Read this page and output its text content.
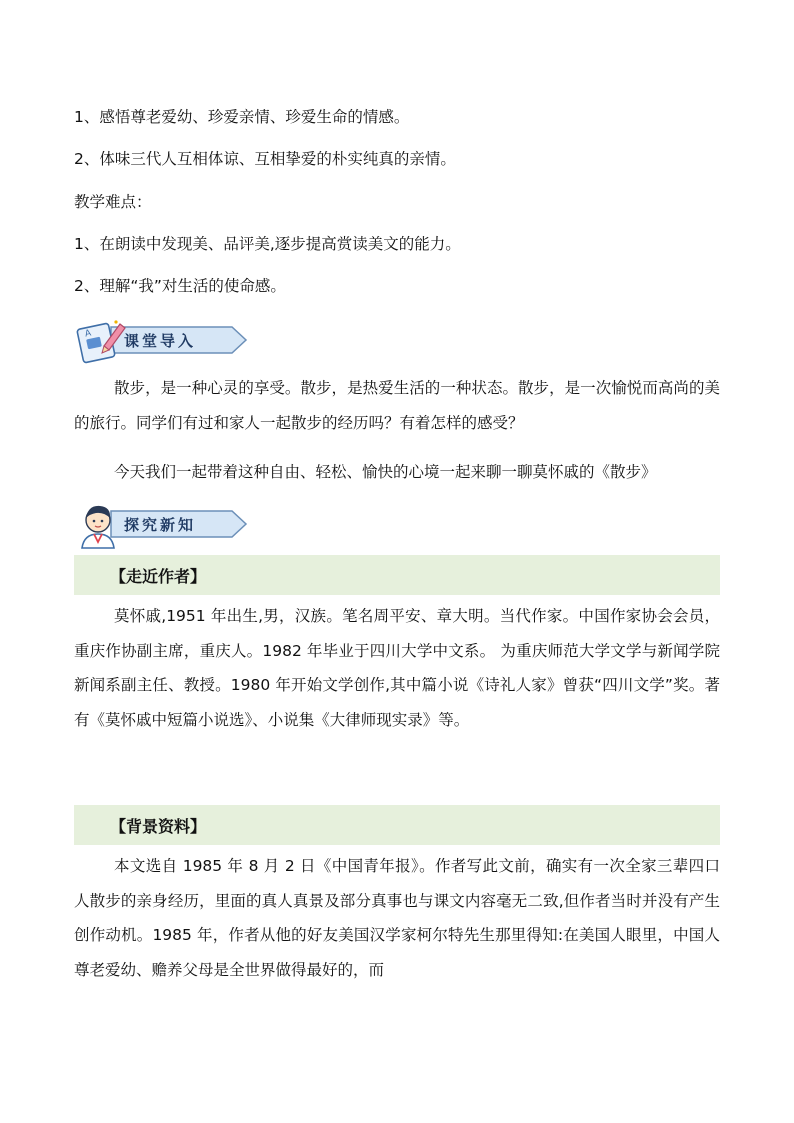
1、感悟尊老爱幼、珍爱亲情、珍爱生命的情感。
2、体味三代人互相体谅、互相挚爱的朴实纯真的亲情。
教学难点：
1、在朗读中发现美、品评美,逐步提高赏读美文的能力。
2、理解“我”对生活的使命感。
课堂导入
A

散步，是一种心灵的享受。散步，是热爱生活的一种状态。散步，是一次愉悦而高尚的美的旅行。同学们有过和家人一起散步的经历吗？有着怎样的感受？

今天我们一起带着这种自由、轻松、愉快的心境一起来聊一聊莫怀戚的《散步》

探究新知
【走近作者】

莫怀戚,1951 年出生,男，汉族。笔名周平安、章大明。当代作家。中国作家协会会员，重庆作协副主席，重庆人。1982 年毕业于四川大学中文系。 为重庆师范大学文学与新闻学院新闻系副主任、教授。1980 年开始文学创作,其中篇小说《诗礼人家》曾获“四川文学”奖。著有《莫怀戚中短篇小说选》、小说集《大律师现实录》等。

【背景资料】

本文选自 1985 年 8 月 2 日《中国青年报》。作者写此文前，确实有一次全家三辈四口人散步的亲身经历，里面的真人真景及部分真事也与课文内容毫无二致,但作者当时并没有产生创作动机。1985 年，作者从他的好友美国汉学家柯尔特先生那里得知:在美国人眼里，中国人尊老爱幼、赡养父母是全世界做得最好的，而
